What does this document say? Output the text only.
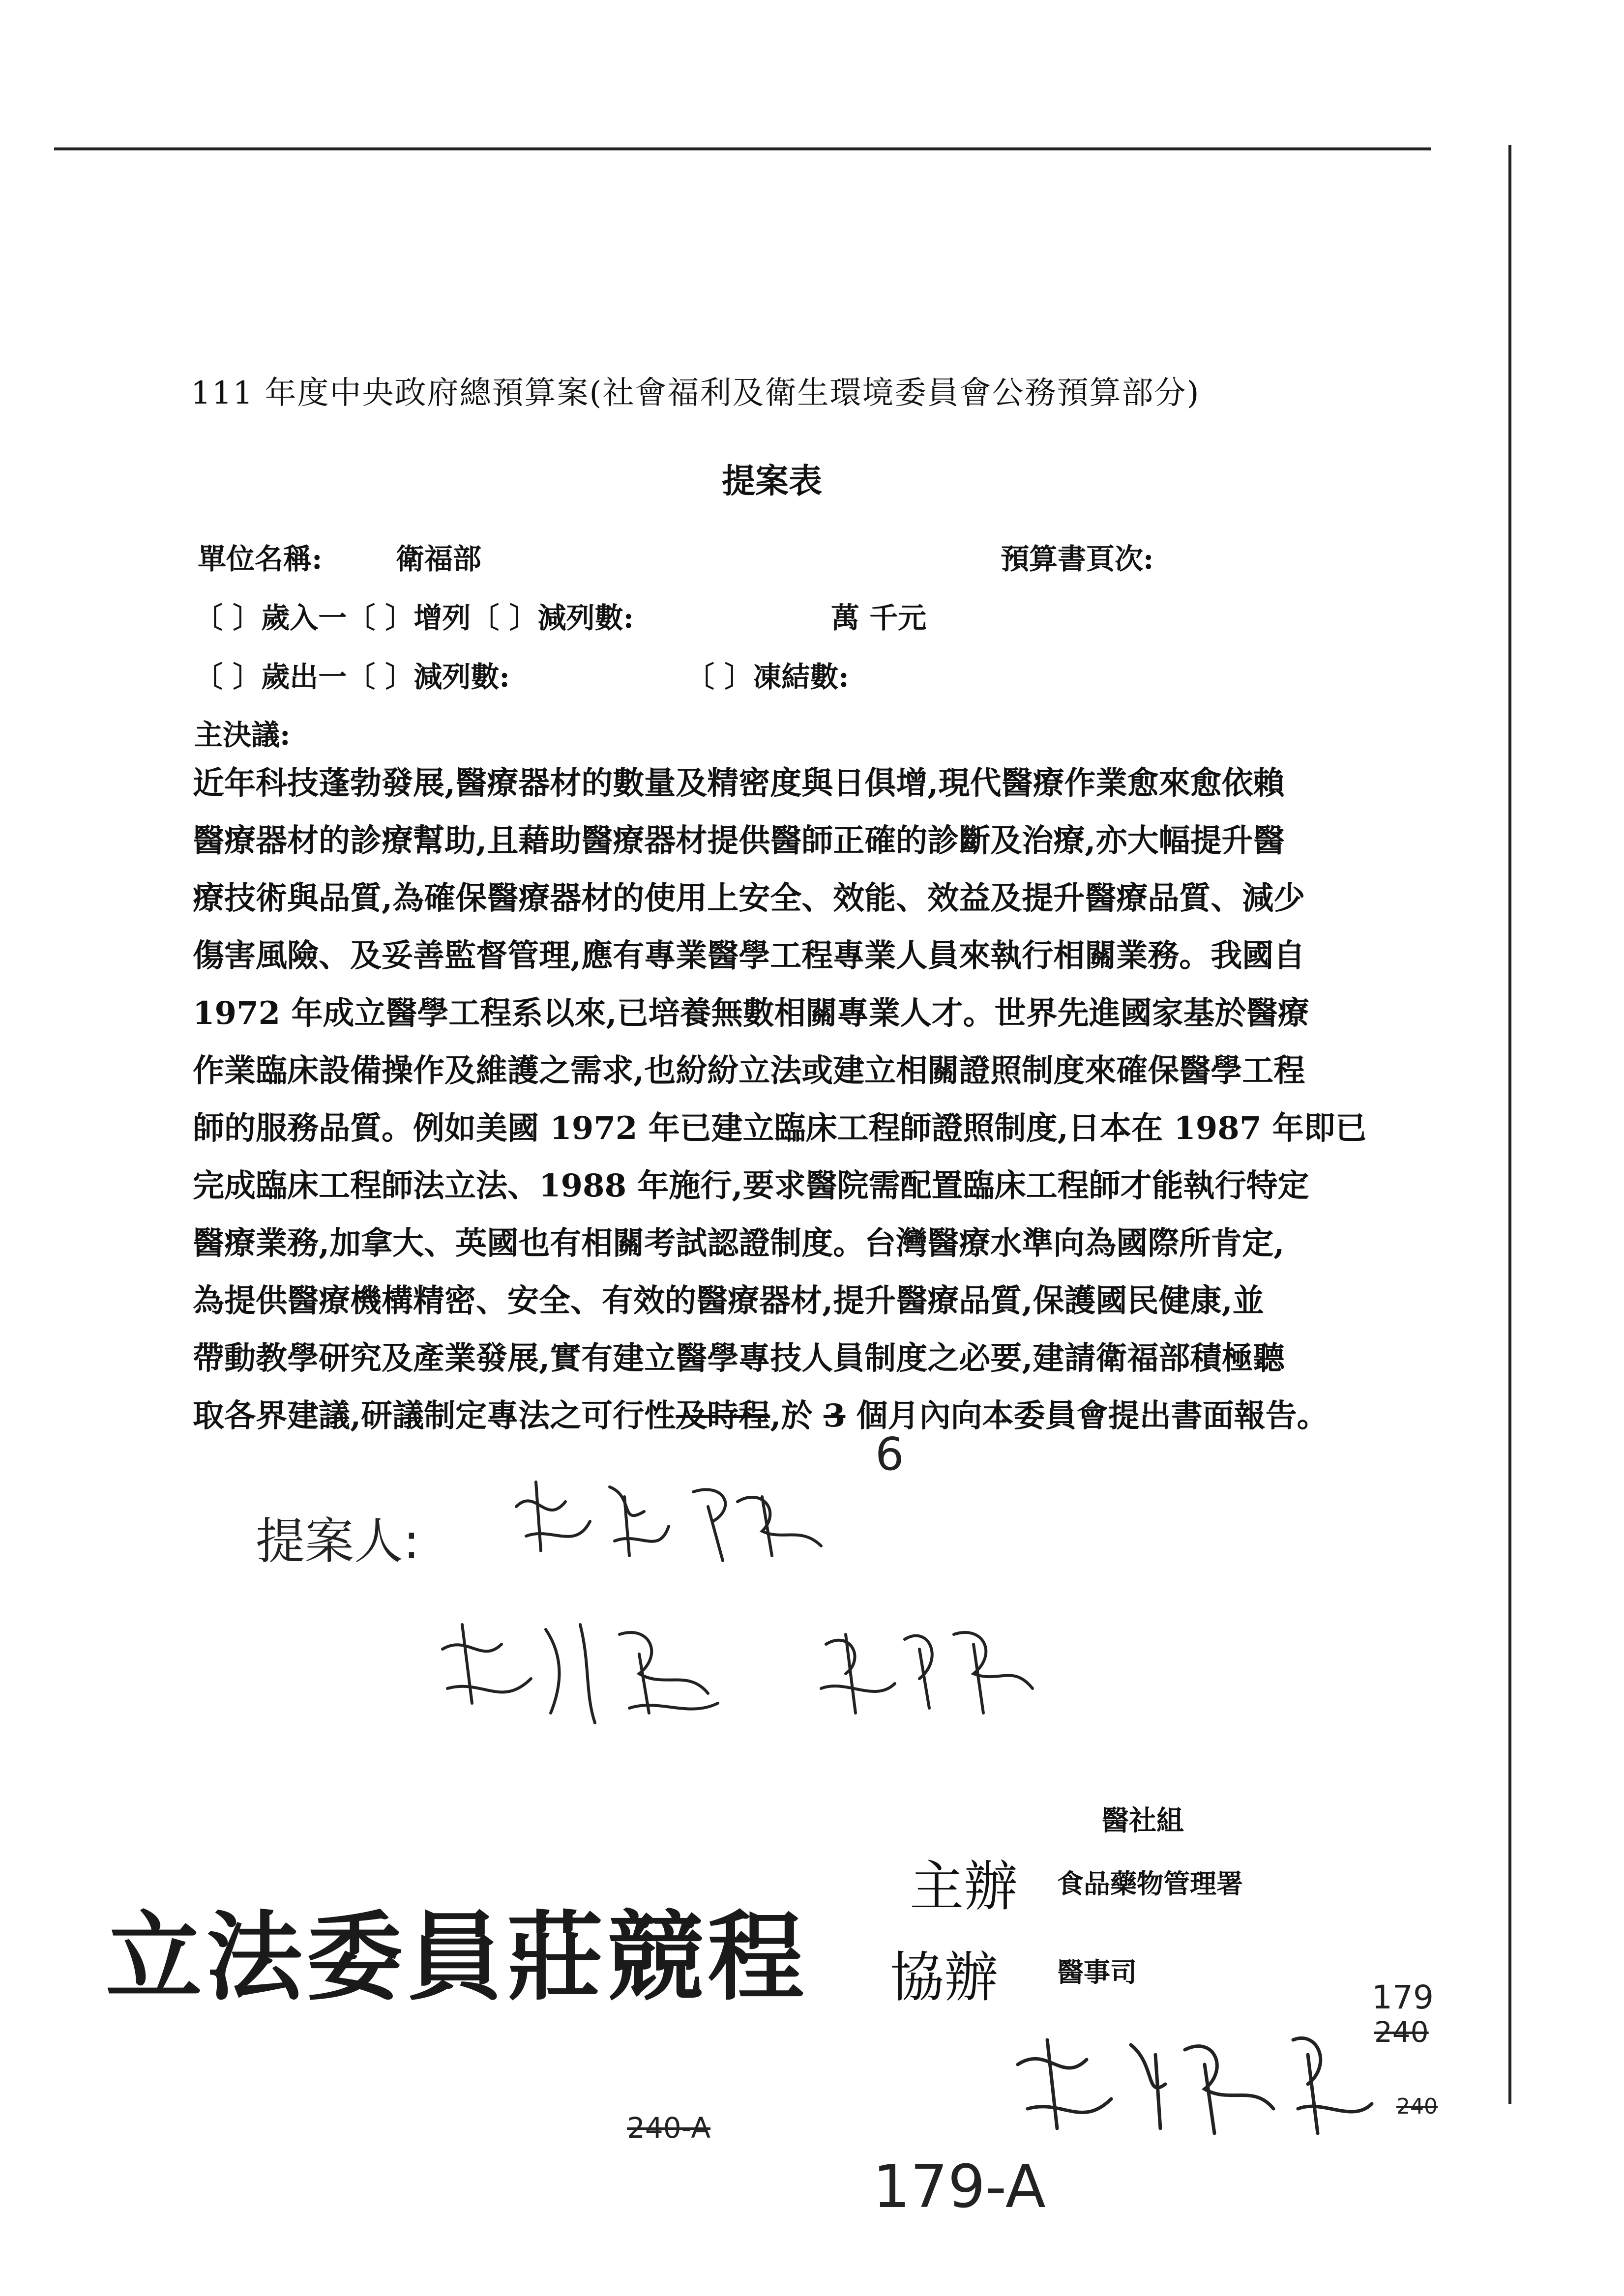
111 年度中央政府總預算案(社會福利及衛生環境委員會公務預算部分)
提案表
單位名稱:	衛福部	預算書頁次:
〔 〕歲入一〔 〕增列〔 〕減列數:	萬 千元
〔 〕歲出一〔 〕減列數:	〔 〕凍結數:
主決議:

近年科技蓬勃發展,醫療器材的數量及精密度與日俱增,現代醫療作業愈來愈依賴

醫療器材的診療幫助,且藉助醫療器材提供醫師正確的診斷及治療,亦大幅提升醫

療技術與品質,為確保醫療器材的使用上安全、效能、效益及提升醫療品質、減少

傷害風險、及妥善監督管理,應有專業醫學工程專業人員來執行相關業務。我國自

1972 年成立醫學工程系以來,已培養無數相關專業人才。世界先進國家基於醫療

作業臨床設備操作及維護之需求,也紛紛立法或建立相關證照制度來確保醫學工程

師的服務品質。例如美國 1972 年已建立臨床工程師證照制度,日本在 1987 年即已

完成臨床工程師法立法、1988 年施行,要求醫院需配置臨床工程師才能執行特定

醫療業務,加拿大、英國也有相關考試認證制度。台灣醫療水準向為國際所肯定,

為提供醫療機構精密、安全、有效的醫療器材,提升醫療品質,保護國民健康,並

帶動教學研究及產業發展,實有建立醫學專技人員制度之必要,建請衛福部積極聽

取各界建議,研議制定專法之可行性及時程,於 3 個月內向本委員會提出書面報告。

6
提案人:
醫社組
主辦 食品藥物管理署
協辦 醫事司
立法委員莊競程	179
240
240-A
179-A
240
